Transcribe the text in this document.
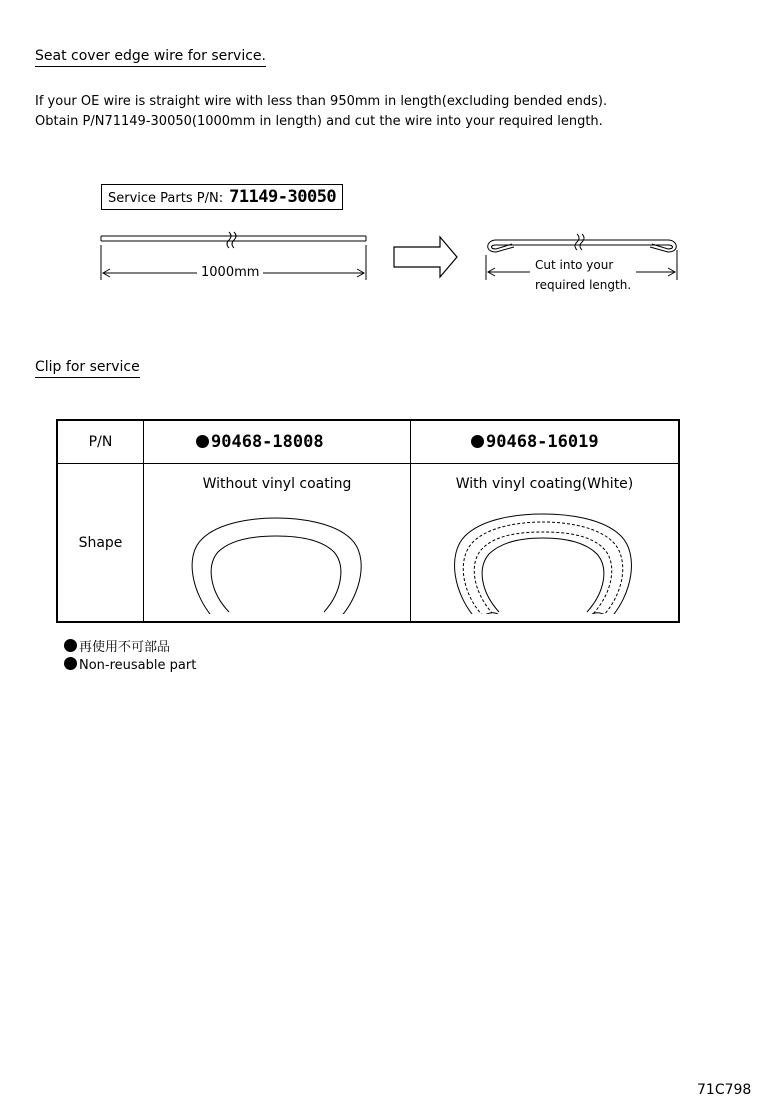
Seat cover edge wire for service.
If your OE wire is straight wire with less than 950mm in length(excluding bended ends).
Obtain P/N71149-30050(1000mm in length) and cut the wire into your required length.
Service Parts P/N: 71149-30050
1000mm	Cut into your
required length.
Clip for service
P/N	90468-18008	90468-16019
Shape	Without vinyl coating	With vinyl coating(White)
再使用不可部品
Non-reusable part
71C798
